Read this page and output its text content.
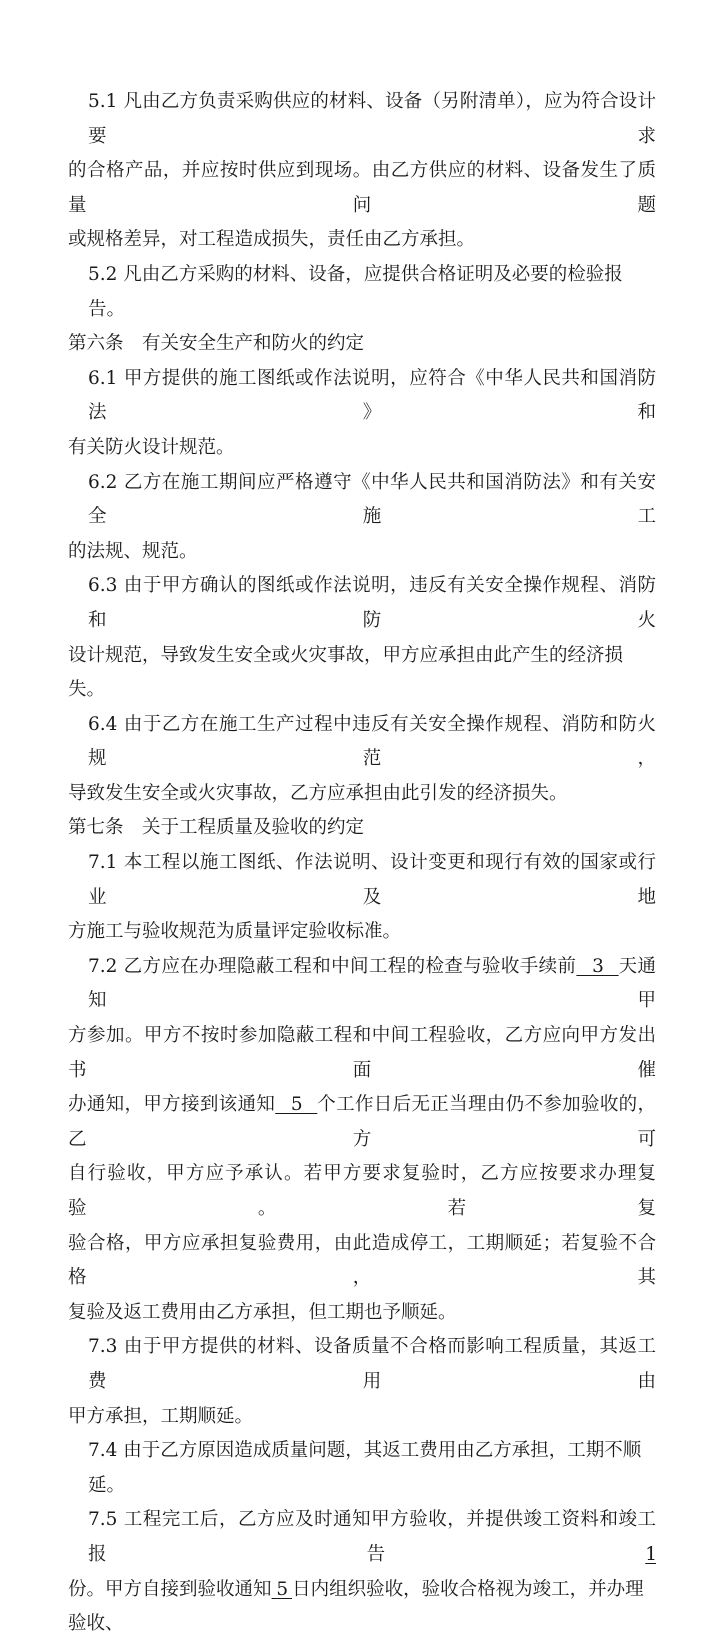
5.1 凡由乙方负责采购供应的材料、设备（另附清单），应为符合设计要求
的合格产品，并应按时供应到现场。由乙方供应的材料、设备发生了质量问题
或规格差异，对工程造成损失，责任由乙方承担。
5.2 凡由乙方采购的材料、设备，应提供合格证明及必要的检验报告。
第六条　有关安全生产和防火的约定
6.1 甲方提供的施工图纸或作法说明，应符合《中华人民共和国消防法》和
有关防火设计规范。
6.2 乙方在施工期间应严格遵守《中华人民共和国消防法》和有关安全施工
的法规、规范。
6.3 由于甲方确认的图纸或作法说明，违反有关安全操作规程、消防和防火
设计规范，导致发生安全或火灾事故，甲方应承担由此产生的经济损失。
6.4 由于乙方在施工生产过程中违反有关安全操作规程、消防和防火规范，
导致发生安全或火灾事故，乙方应承担由此引发的经济损失。
第七条　关于工程质量及验收的约定
7.1 本工程以施工图纸、作法说明、设计变更和现行有效的国家或行业及地
方施工与验收规范为质量评定验收标准。
7.2 乙方应在办理隐蔽工程和中间工程的检查与验收手续前   3   天通知甲
方参加。甲方不按时参加隐蔽工程和中间工程验收，乙方应向甲方发出书面催
办通知，甲方接到该通知   5   个工作日后无正当理由仍不参加验收的，乙方可
自行验收，甲方应予承认。若甲方要求复验时，乙方应按要求办理复验。若复
验合格，甲方应承担复验费用，由此造成停工，工期顺延；若复验不合格，其
复验及返工费用由乙方承担，但工期也予顺延。
7.3 由于甲方提供的材料、设备质量不合格而影响工程质量，其返工费用由
甲方承担，工期顺延。
7.4 由于乙方原因造成质量问题，其返工费用由乙方承担，工期不顺延。
7.5 工程完工后，乙方应及时通知甲方验收，并提供竣工资料和竣工报告1
份。甲方自接到验收通知 5 日内组织验收，验收合格视为竣工，并办理验收、
